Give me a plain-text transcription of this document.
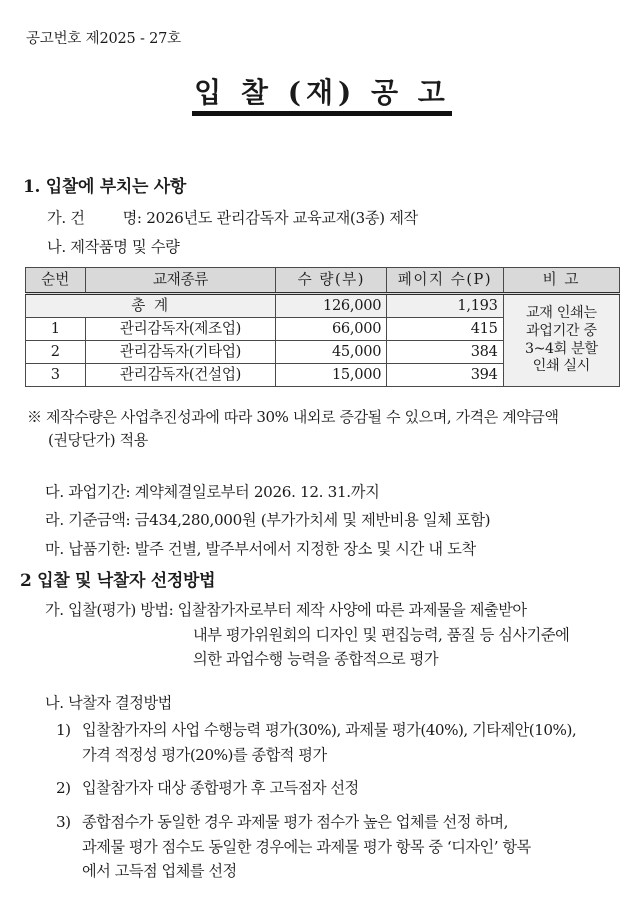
공고번호 제2025 - 27호
입 찰 (재) 공 고
1. 입찰에 부치는 사항
가. 건	명: 2026년도 관리감독자 교육교재(3종) 제작
나. 제작품명 및 수량
순번	교재종류	수 량(부)	페이지 수(P)	비 고
총 계		126,000	1,193	교재 인쇄는
과업기간 중
3~4회 분할
인쇄 실시

1	관리감독자(제조업)	66,000	415	
2	관리감독자(기타업)	45,000	384	
3	관리감독자(건설업)	15,000	394	
※ 제작수량은 사업추진성과에 따라 30% 내외로 증감될 수 있으며, 가격은 계약금액
(권당단가) 적용
다. 과업기간: 계약체결일로부터 2026. 12. 31.까지
라. 기준금액: 금434,280,000원 (부가가치세 및 제반비용 일체 포함)
마. 납품기한: 발주 건별, 발주부서에서 지정한 장소 및 시간 내 도착
2 입찰 및 낙찰자 선정방법
가. 입찰(평가) 방법: 입찰참가자로부터 제작 사양에 따른 과제물을 제출받아
내부 평가위원회의 디자인 및 편집능력, 품질 등 심사기준에
의한 과업수행 능력을 종합적으로 평가
나. 낙찰자 결정방법
1) 입찰참가자의 사업 수행능력 평가(30%), 과제물 평가(40%), 기타제안(10%),
가격 적정성 평가(20%)를 종합적 평가
2) 입찰참가자 대상 종합평가 후 고득점자 선정
3) 종합점수가 동일한 경우 과제물 평가 점수가 높은 업체를 선정 하며,
과제물 평가 점수도 동일한 경우에는 과제물 평가 항목 중 ‘디자인’ 항목
에서 고득점 업체를 선정
